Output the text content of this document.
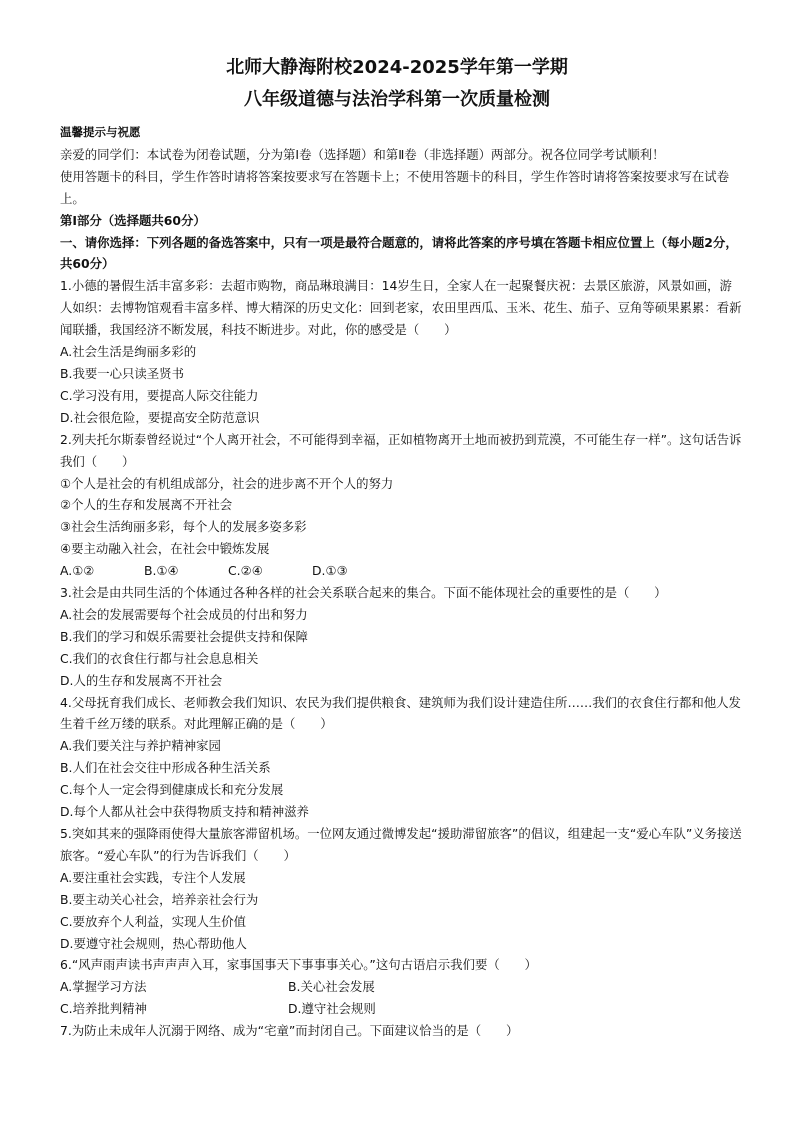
北师大静海附校2024-2025学年第一学期
八年级道德与法治学科第一次质量检测
温馨提示与祝愿
亲爱的同学们：本试卷为闭卷试题，分为第Ⅰ卷（选择题）和第Ⅱ卷（非选择题）两部分。祝各位同学考试顺利！
使用答题卡的科目，学生作答时请将答案按要求写在答题卡上；不使用答题卡的科目，学生作答时请将答案按要求写在试卷上。
第Ⅰ部分（选择题共60分）
一、请你选择：下列各题的备选答案中，只有一项是最符合题意的，请将此答案的序号填在答题卡相应位置上（每小题2分，共60分）
1.小德的暑假生活丰富多彩：去超市购物，商品琳琅满目：14岁生日，全家人在一起聚餐庆祝：去景区旅游，风景如画，游人如织：去博物馆观看丰富多样、博大精深的历史文化：回到老家，农田里西瓜、玉米、花生、茄子、豆角等硕果累累：看新闻联播，我国经济不断发展，科技不断进步。对此，你的感受是（　　）
A.社会生活是绚丽多彩的
B.我要一心只读圣贤书
C.学习没有用，要提高人际交往能力
D.社会很危险，要提高安全防范意识
2.列夫托尔斯泰曾经说过“个人离开社会，不可能得到幸福，正如植物离开土地而被扔到荒漠，不可能生存一样”。这句话告诉我们（　　）
①个人是社会的有机组成部分，社会的进步离不开个人的努力
②个人的生存和发展离不开社会
③社会生活绚丽多彩，每个人的发展多姿多彩
④要主动融入社会，在社会中锻炼发展
A.①②	B.①④	C.②④	D.①③
3.社会是由共同生活的个体通过各种各样的社会关系联合起来的集合。下面不能体现社会的重要性的是（　　）
A.社会的发展需要每个社会成员的付出和努力
B.我们的学习和娱乐需要社会提供支持和保障
C.我们的衣食住行都与社会息息相关
D.人的生存和发展离不开社会
4.父母抚育我们成长、老师教会我们知识、农民为我们提供粮食、建筑师为我们设计建造住所……我们的衣食住行都和他人发生着千丝万缕的联系。对此理解正确的是（　　）
A.我们要关注与养护精神家园
B.人们在社会交往中形成各种生活关系
C.每个人一定会得到健康成长和充分发展
D.每个人都从社会中获得物质支持和精神滋养
5.突如其来的强降雨使得大量旅客滞留机场。一位网友通过微博发起“援助滞留旅客”的倡议，组建起一支“爱心车队”义务接送旅客。“爱心车队”的行为告诉我们（　　）
A.要注重社会实践，专注个人发展
B.要主动关心社会，培养亲社会行为
C.要放弃个人利益，实现人生价值
D.要遵守社会规则，热心帮助他人
6.“风声雨声读书声声声入耳，家事国事天下事事事关心。”这句古语启示我们要（　　）
A.掌握学习方法	B.关心社会发展
C.培养批判精神	D.遵守社会规则
7.为防止未成年人沉溺于网络、成为“宅童”而封闭自己。下面建议恰当的是（　　）
